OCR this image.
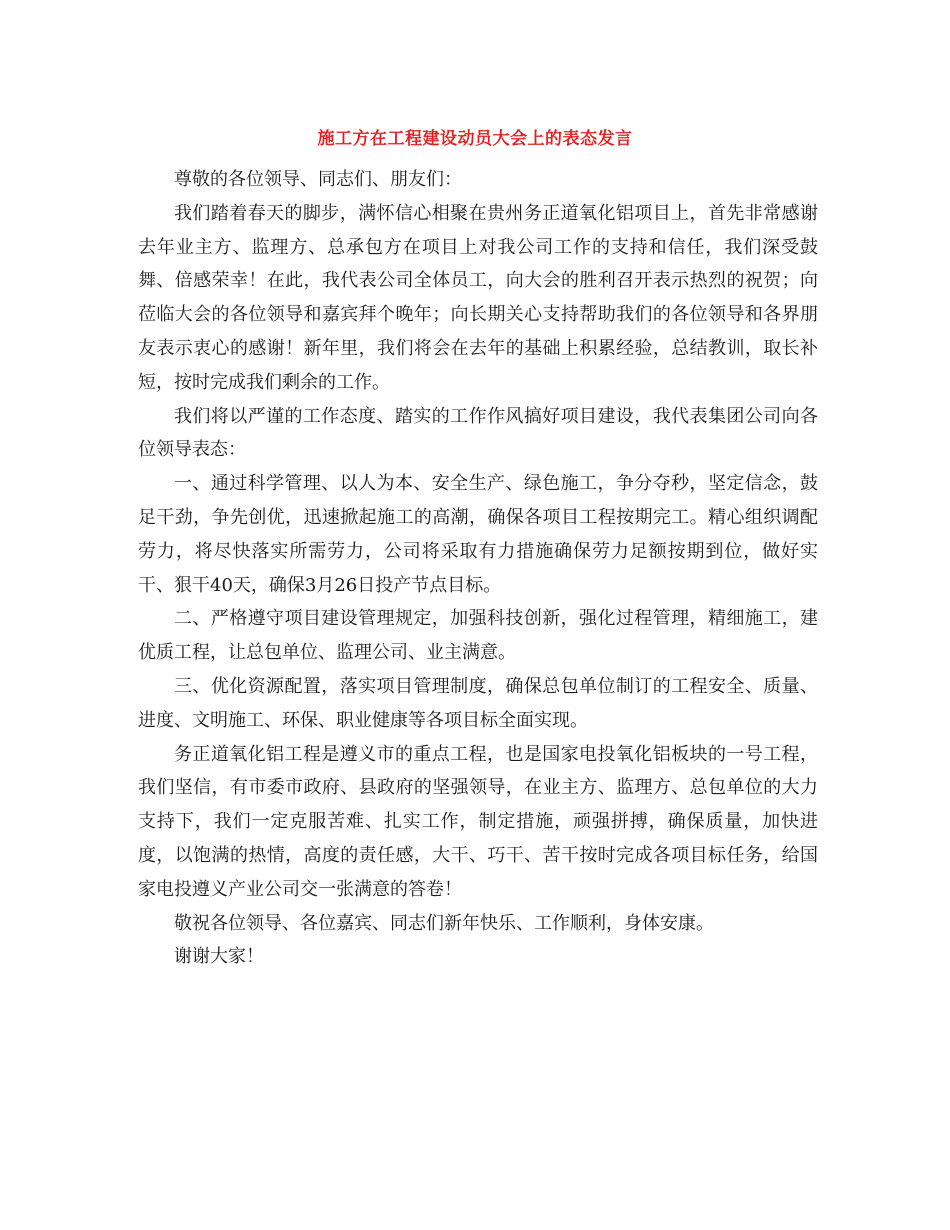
施工方在工程建设动员大会上的表态发言

尊敬的各位领导、同志们、朋友们：

我们踏着春天的脚步，满怀信心相聚在贵州务正道氧化铝项目上，首先非常感谢去年业主方、监理方、总承包方在项目上对我公司工作的支持和信任，我们深受鼓舞、倍感荣幸！在此，我代表公司全体员工，向大会的胜利召开表示热烈的祝贺；向莅临大会的各位领导和嘉宾拜个晚年；向长期关心支持帮助我们的各位领导和各界朋友表示衷心的感谢！新年里，我们将会在去年的基础上积累经验，总结教训，取长补短，按时完成我们剩余的工作。

我们将以严谨的工作态度、踏实的工作作风搞好项目建设，我代表集团公司向各位领导表态：

一、通过科学管理、以人为本、安全生产、绿色施工，争分夺秒，坚定信念，鼓足干劲，争先创优，迅速掀起施工的高潮，确保各项目工程按期完工。精心组织调配劳力，将尽快落实所需劳力，公司将采取有力措施确保劳力足额按期到位，做好实干、狠干40天，确保3月26日投产节点目标。

二、严格遵守项目建设管理规定，加强科技创新，强化过程管理，精细施工，建优质工程，让总包单位、监理公司、业主满意。

三、优化资源配置，落实项目管理制度，确保总包单位制订的工程安全、质量、进度、文明施工、环保、职业健康等各项目标全面实现。

务正道氧化铝工程是遵义市的重点工程，也是国家电投氧化铝板块的一号工程，我们坚信，有市委市政府、县政府的坚强领导，在业主方、监理方、总包单位的大力支持下，我们一定克服苦难、扎实工作，制定措施，顽强拼搏，确保质量，加快进度，以饱满的热情，高度的责任感，大干、巧干、苦干按时完成各项目标任务，给国家电投遵义产业公司交一张满意的答卷！

敬祝各位领导、各位嘉宾、同志们新年快乐、工作顺利，身体安康。

谢谢大家！
